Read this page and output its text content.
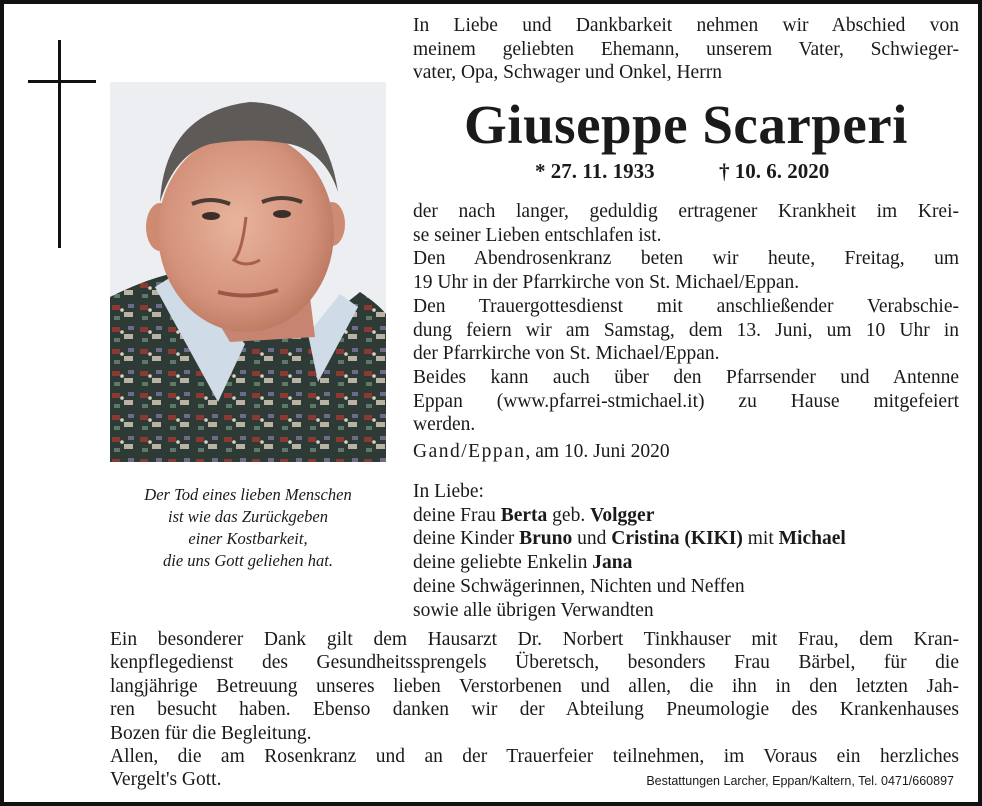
Der Tod eines lieben Menschen
ist wie das Zurückgeben
einer Kostbarkeit,
die uns Gott geliehen hat.
In Liebe und Dankbarkeit nehmen wir Abschied von
meinem geliebten Ehemann, unserem Vater, Schwieger-
vater, Opa, Schwager und Onkel, Herrn
Giuseppe Scarperi
* 27. 11. 1933	† 10. 6. 2020
der nach langer, geduldig ertragener Krankheit im Krei-
se seiner Lieben entschlafen ist.
Den Abendrosenkranz beten wir heute, Freitag, um
19 Uhr in der Pfarrkirche von St. Michael/Eppan.
Den Trauergottesdienst mit anschließender Verabschie-
dung feiern wir am Samstag, dem 13. Juni, um 10 Uhr in
der Pfarrkirche von St. Michael/Eppan.
Beides kann auch über den Pfarrsender und Antenne
Eppan (www.pfarrei-stmichael.it) zu Hause mitgefeiert
werden.
Gand/Eppan, am 10. Juni 2020
In Liebe:
deine Frau Berta geb. Volgger
deine Kinder Bruno und Cristina (KIKI) mit Michael
deine geliebte Enkelin Jana
deine Schwägerinnen, Nichten und Neffen
sowie alle übrigen Verwandten
Ein besonderer Dank gilt dem Hausarzt Dr. Norbert Tinkhauser mit Frau, dem Kran-
kenpflegedienst des Gesundheitssprengels Überetsch, besonders Frau Bärbel, für die
langjährige Betreuung unseres lieben Verstorbenen und allen, die ihn in den letzten Jah-
ren besucht haben. Ebenso danken wir der Abteilung Pneumologie des Krankenhauses
Bozen für die Begleitung.
Allen, die am Rosenkranz und an der Trauerfeier teilnehmen, im Voraus ein herzliches
Vergelt's Gott.	Bestattungen Larcher, Eppan/Kaltern, Tel. 0471/660897
